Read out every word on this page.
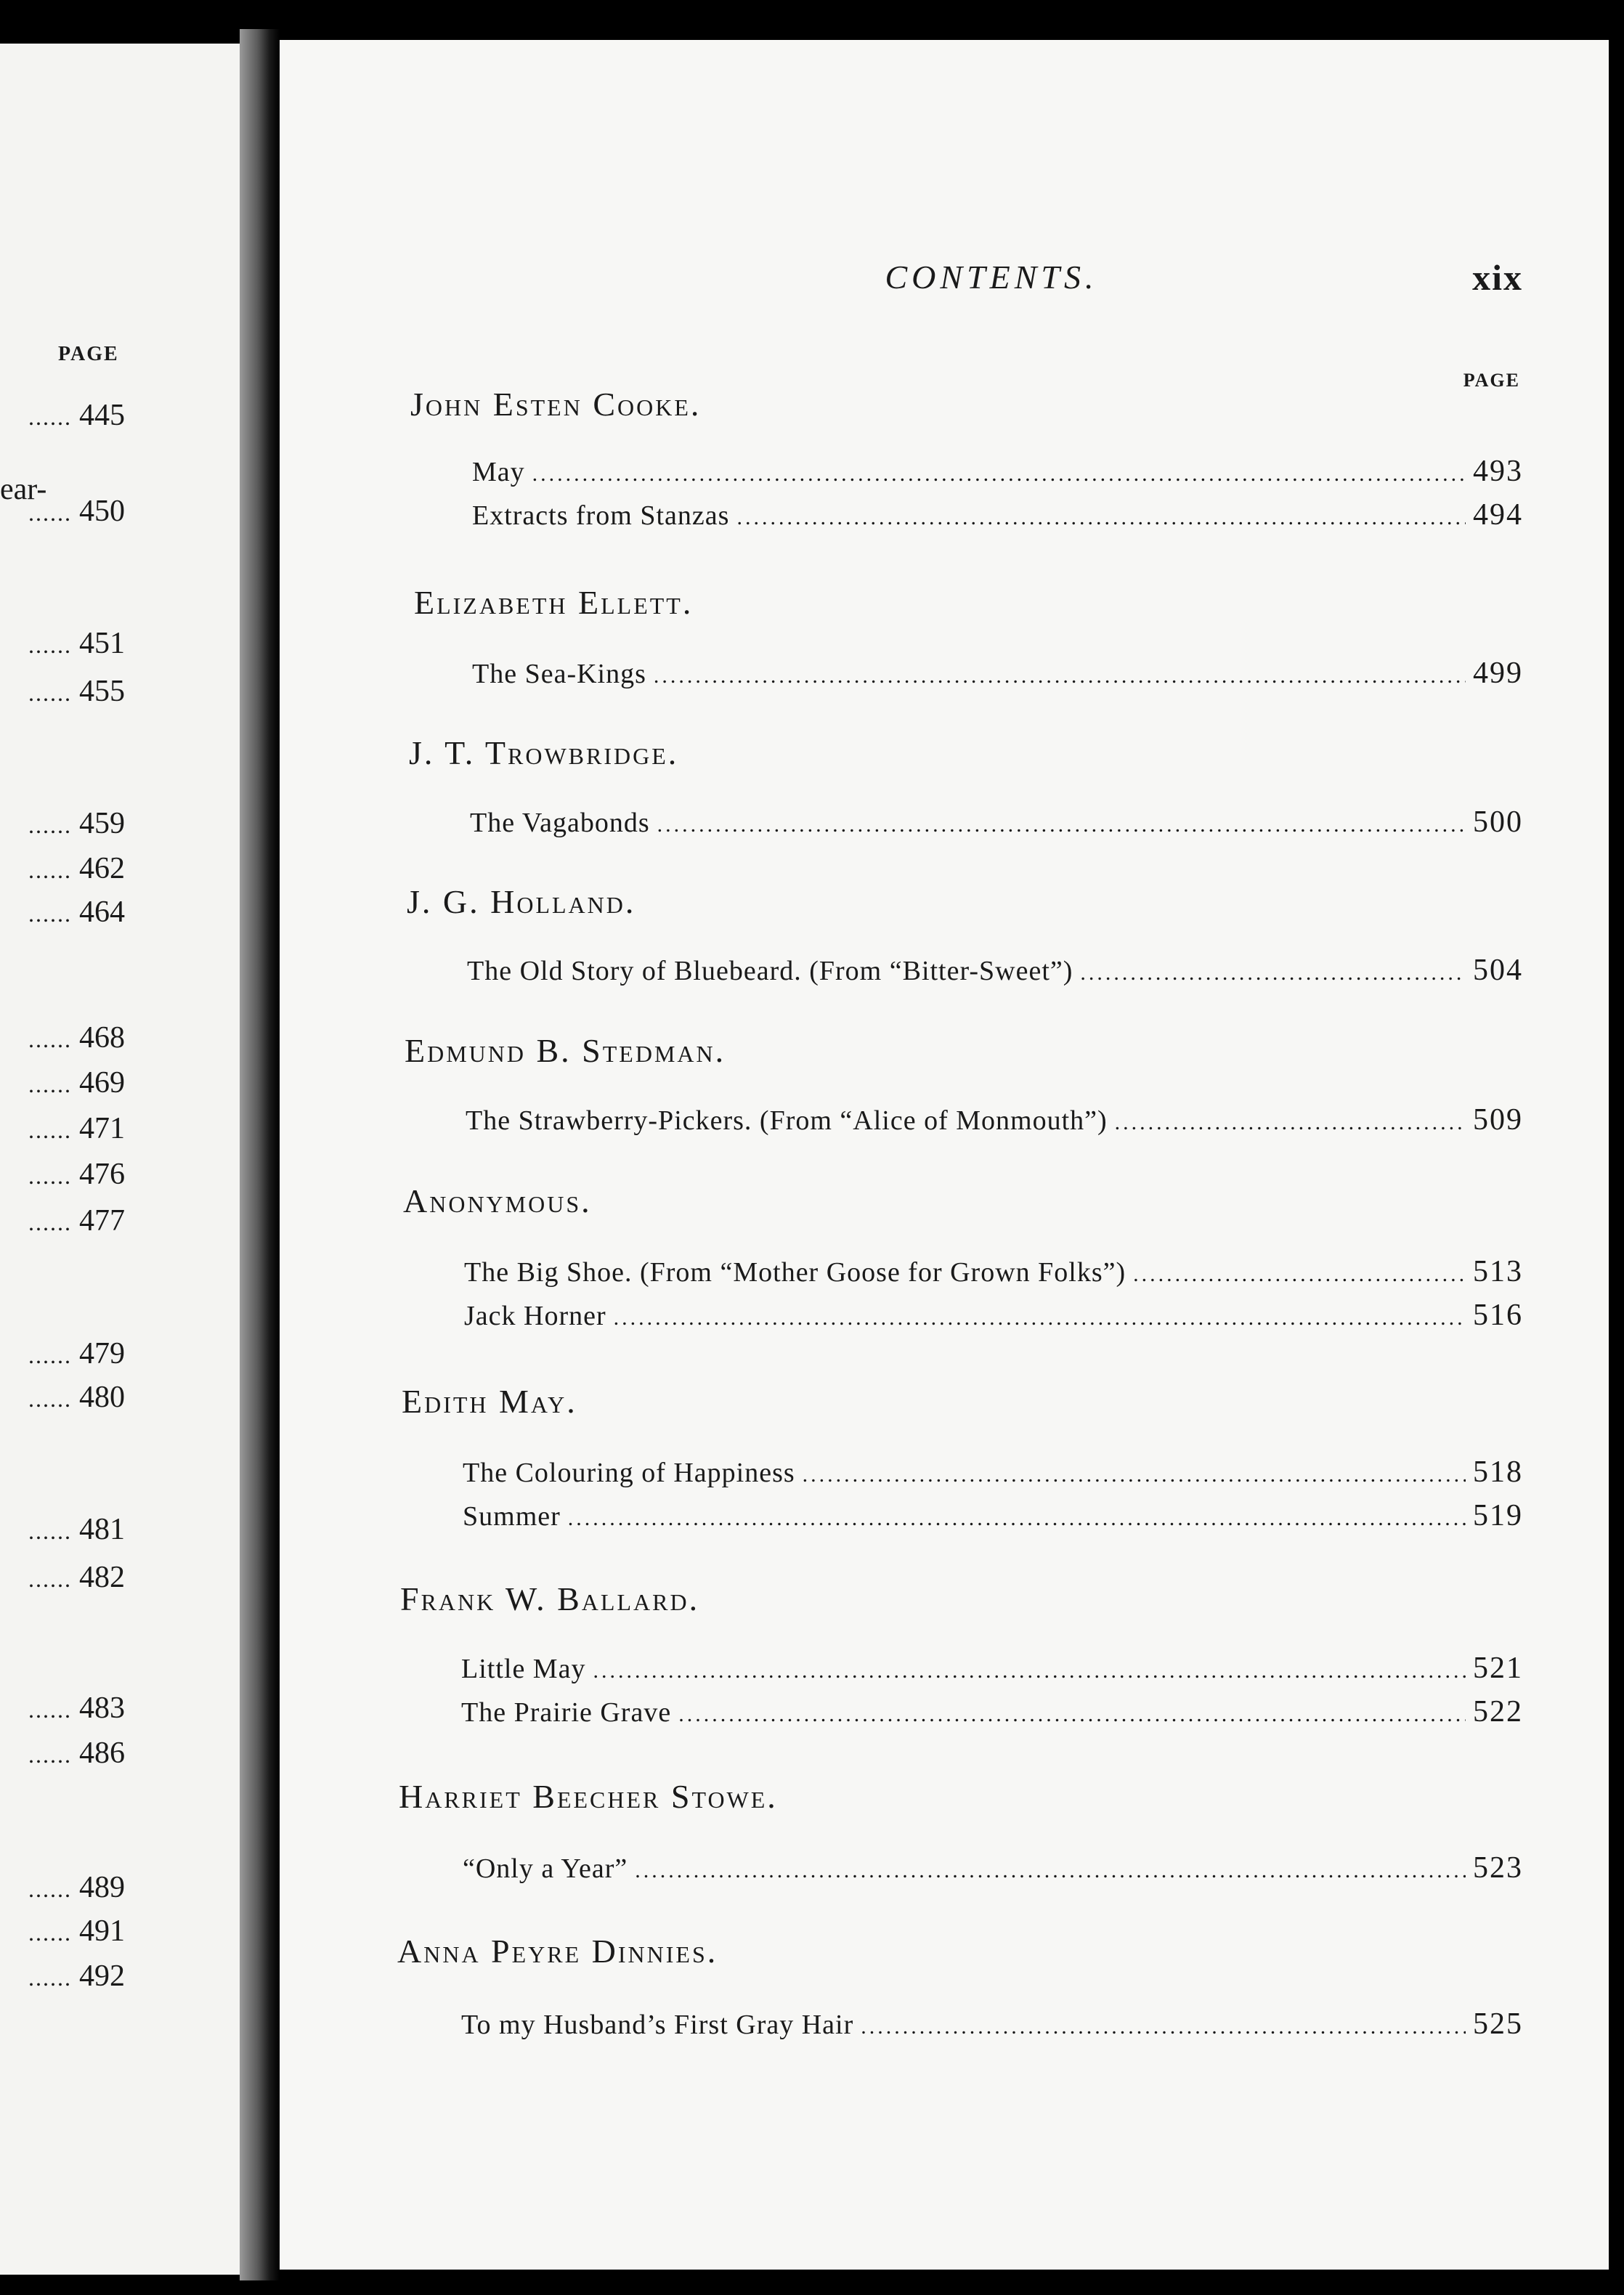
PAGE
ear-
...... 445
...... 450
...... 451
...... 455
...... 459
...... 462
...... 464
...... 468
...... 469
...... 471
...... 476
...... 477
...... 479
...... 480
...... 481
...... 482
...... 483
...... 486
...... 489
...... 491
...... 492
CONTENTS.	xix
PAGE
John Esten Cooke.
May .....	493
Extracts from Stanzas .....	494
Elizabeth Ellett.
The Sea-Kings .....	499
J. T. Trowbridge.
The Vagabonds .....	500
J. G. Holland.
The Old Story of Bluebeard. (From “Bitter-Sweet”) .....	504
Edmund B. Stedman.
The Strawberry-Pickers. (From “Alice of Monmouth”) .....	509
Anonymous.
The Big Shoe. (From “Mother Goose for Grown Folks”) .....	513
Jack Horner .....	516
Edith May.
The Colouring of Happiness .....	518
Summer .....	519
Frank W. Ballard.
Little May .....	521
The Prairie Grave .....	522
Harriet Beecher Stowe.
“Only a Year” .....	523
Anna Peyre Dinnies.
To my Husband’s First Gray Hair .....	525
